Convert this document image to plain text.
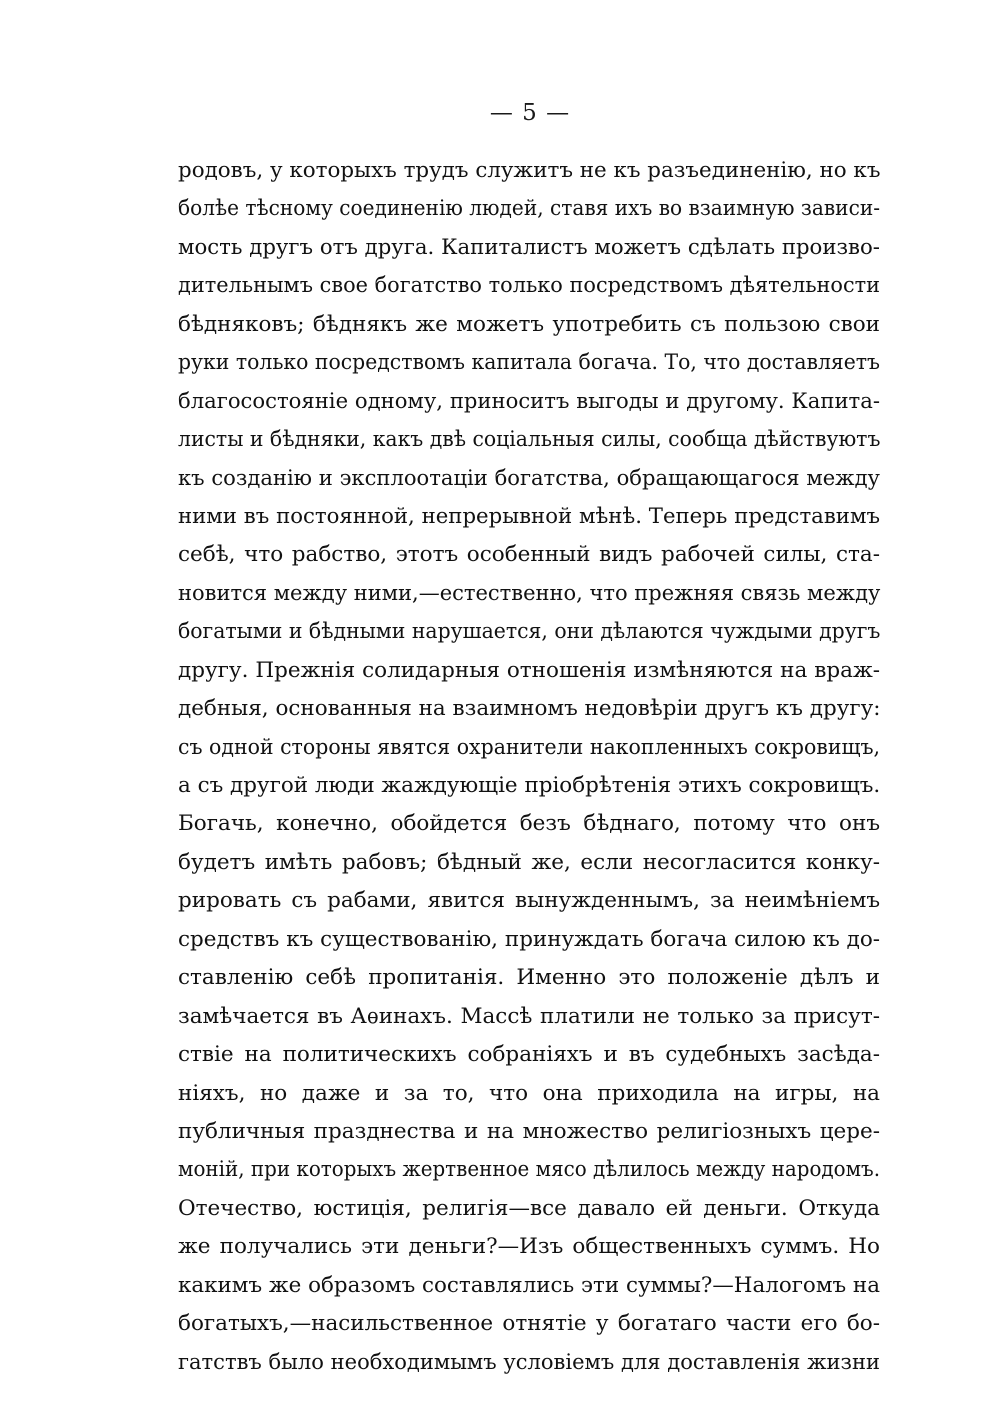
— 5 —
родовъ, у которыхъ трудъ служитъ не къ разъединенію, но къ
болѣе тѣсному соединенію людей, ставя ихъ во взаимную зависи-
мость другъ отъ друга. Капиталистъ можетъ сдѣлать произво-
дительнымъ свое богатство только посредствомъ дѣятельности
бѣдняковъ; бѣднякъ же можетъ употребить съ пользою свои
руки только посредствомъ капитала богача. То, что доставляетъ
благосостояніе одному, приноситъ выгоды и другому. Капита-
листы и бѣдняки, какъ двѣ соціальныя силы, сообща дѣйствуютъ
къ созданію и эксплоотаціи богатства, обращающагося между
ними въ постоянной, непрерывной мѣнѣ. Теперь представимъ
себѣ, что рабство, этотъ особенный видъ рабочей силы, ста-
новится между ними,—естественно, что прежняя связь между
богатыми и бѣдными нарушается, они дѣлаются чуждыми другъ
другу. Прежнія солидарныя отношенія измѣняются на враж-
дебныя, основанныя на взаимномъ недовѣріи другъ къ другу:
съ одной стороны явятся охранители накопленныхъ сокровищъ,
а съ другой люди жаждующіе пріобрѣтенія этихъ сокровищъ.
Богачь, конечно, обойдется безъ бѣднаго, потому что онъ
будетъ имѣть рабовъ; бѣдный же, если несогласится конку-
рировать съ рабами, явится вынужденнымъ, за неимѣніемъ
средствъ къ существованію, принуждать богача силою къ до-
ставленію себѣ пропитанія. Именно это положеніе дѣлъ и
замѣчается въ Аѳинахъ. Массѣ платили не только за присут-
ствіе на политическихъ собраніяхъ и въ судебныхъ засѣда-
ніяхъ, но даже и за то, что она приходила на игры, на
публичныя празднества и на множество религіозныхъ цере-
моній, при которыхъ жертвенное мясо дѣлилось между народомъ.
Отечество, юстиція, религія—все давало ей деньги. Откуда
же получались эти деньги?—Изъ общественныхъ суммъ. Но
какимъ же образомъ составлялись эти суммы?—Налогомъ на
богатыхъ,—насильственное отнятіе у богатаго части его бо-
гатствъ было необходимымъ условіемъ для доставленія жизни
